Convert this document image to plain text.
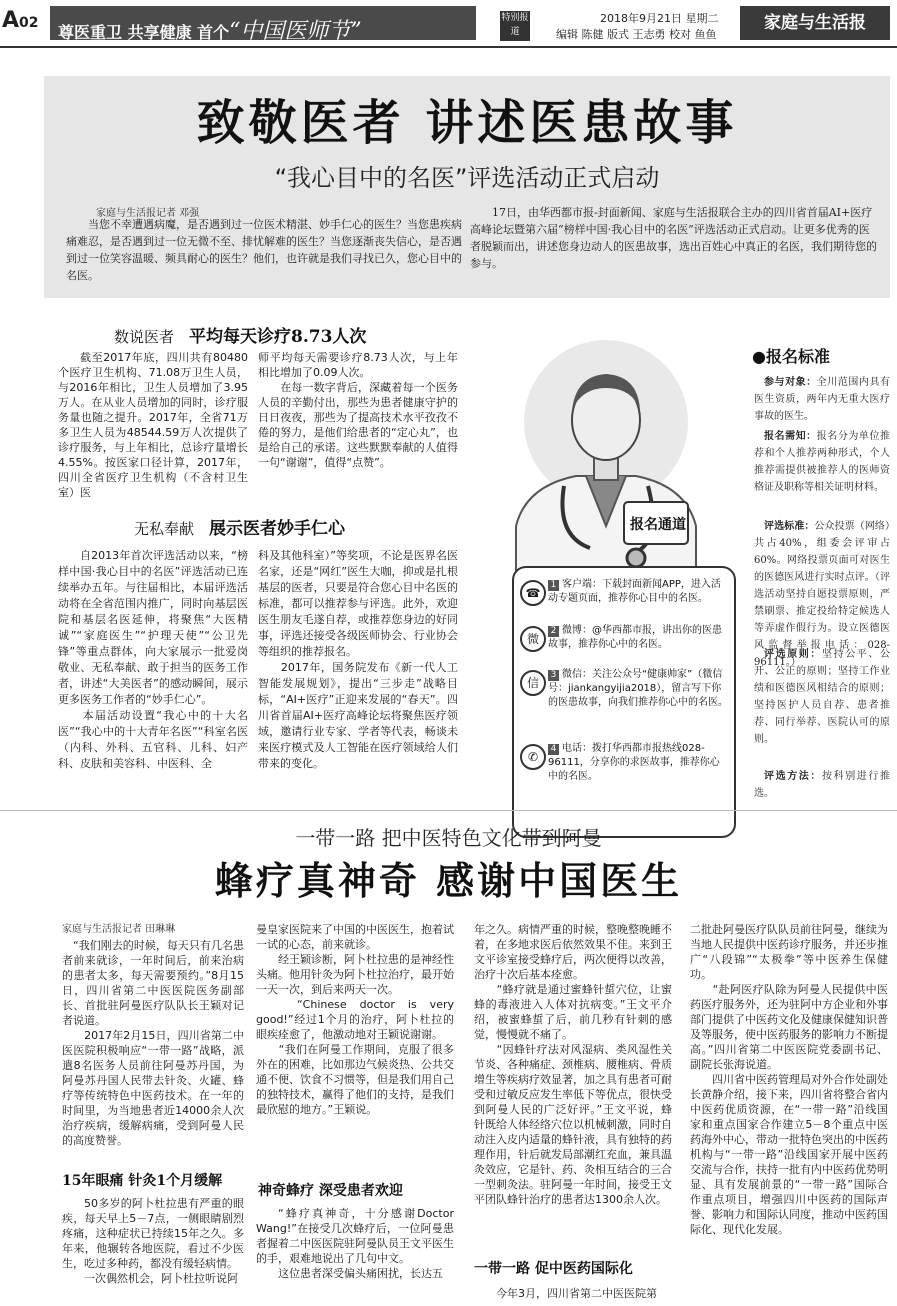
A02 尊医重卫 共享健康 首个“中国医师节”
特别报道
2018年9月21日 星期二
编辑 陈健 版式 王志勇 校对 鱼鱼
家庭与生活报
致敬医者 讲述医患故事
“我心目中的名医”评选活动正式启动
家庭与生活报记者 邓强

当您不幸遭遇病魔，是否遇到过一位医术精湛、妙手仁心的医生？当您患疾病痛难忍，是否遇到过一位无微不至、排忧解难的医生？当您逐渐丧失信心，是否遇到过一位笑容温暖、频具耐心的医生？他们，也许就是我们寻找已久，您心目中的名医。

17日，由华西都市报-封面新闻、家庭与生活报联合主办的四川省首届AI+医疗高峰论坛暨第六届“榜样中国·我心目中的名医”评选活动正式启动。让更多优秀的医者脱颖而出，讲述您身边动人的医患故事，选出百姓心中真正的名医，我们期待您的参与。

数说医者　 平均每天诊疗8.73人次

截至2017年底，四川共有80480个医疗卫生机构、71.08万卫生人员，与2016年相比，卫生人员增加了3.95万人。在从业人员增加的同时，诊疗服务量也随之提升。2017年，全省71万多卫生人员为48544.59万人次提供了诊疗服务，与上年相比，总诊疗量增长4.55%。按医家口径计算，2017年，四川全省医疗卫生机构（不含村卫生室）医

师平均每天需要诊疗8.73人次，与上年相比增加了0.09人次。
　　在每一数字背后，深藏着每一个医务人员的辛勤付出，那些为患者健康守护的日日夜夜，那些为了提高技术水平孜孜不倦的努力，是他们给患者的“定心丸”，也是给自己的承诺。这些默默奉献的人值得一句“谢谢”，值得“点赞”。

无私奉献　 展示医者妙手仁心

自2013年首次评选活动以来，“榜样中国·我心目中的名医”评选活动已连续举办五年。与往届相比，本届评选活动将在全省范围内推广，同时向基层医院和基层名医延伸，将聚焦“大医精诚”“家庭医生”“护理天使”“公卫先锋”等重点群体，向大家展示一批爱岗敬业、无私奉献、敢于担当的医务工作者，讲述“大美医者”的感动瞬间，展示更多医务工作者的“妙手仁心”。
　　本届活动设置“我心中的十大名医”“我心中的十大青年名医”“科室名医（内科、外科、五官科、儿科、妇产科、皮肤和美容科、中医科、全

科及其他科室）”等奖项，不论是医界名医名家，还是“网红”医生大咖，抑或是扎根基层的医者，只要是符合您心目中名医的标准，都可以推荐参与评选。此外，欢迎医生朋友毛遂自荐，或推荐您身边的好同事，评选还接受各级医师协会、行业协会等组织的推荐报名。
　　2017年，国务院发布《新一代人工智能发展规划》，提出“三步走”战略目标，“AI+医疗”正迎来发展的“春天”。四川省首届AI+医疗高峰论坛将聚焦医疗领域，邀请行业专家、学者等代表，畅谈未来医疗模式及人工智能在医疗领域给人们带来的变化。

报名通道
☎
1 客户端：下载封面新闻APP，进入活动专题页面，推荐你心目中的名医。
微
2 微博：@华西都市报，讲出你的医患故事，推荐你心中的名医。
信
3 微信：关注公众号“健康帅家”（微信号：jiankangyijia2018），留言写下你的医患故事，向我们推荐你心中的名医。
✆
4 电话：拨打华西都市报热线028-96111，分享你的求医故事，推荐你心中的名医。
●报名标准

参与对象：全川范围内具有医生资质，两年内无重大医疗事故的医生。

报名需知：报名分为单位推荐和个人推荐两种形式，个人推荐需提供被推荐人的医师资格证及职称等相关证明材料。

评选标准：公众投票（网络）共占40%，组委会评审占60%。网络投票页面可对医生的医德医风进行实时点评。（评选活动坚持自愿投票原则，严禁刷票、推定投给特定候选人等弄虚作假行为。设立医德医风监督举报电话：028-96111。）

评选原则：坚持公平、公开、公正的原则；坚持工作业绩和医德医风相结合的原则；坚持医护人员自荐、患者推荐、同行举荐、医院认可的原则。

评选方法：按科别进行推选。

一带一路 把中医特色文化带到阿曼
蜂疗真神奇 感谢中国医生
家庭与生活报记者 田琳琳

“我们刚去的时候，每天只有几名患者前来就诊，一年时间后，前来治病的患者太多，每天需要预约。”8月15日，四川省第二中医医院医务副部长、首批驻阿曼医疗队队长王颖对记者说道。
　　2017年2月15日，四川省第二中医医院积极响应“一带一路”战略，派遣8名医务人员前往阿曼苏丹国，为阿曼苏丹国人民带去针灸、火罐、蜂疗等传统特色中医药技术。在一年的时间里，为当地患者近14000余人次治疗疾病，缓解病痛，受到阿曼人民的高度赞誉。

15年眼痛 针灸1个月缓解

50多岁的阿卜杜拉患有严重的眼疾，每天早上5－7点，一侧眼睛剧烈疼痛，这种症状已持续15年之久。多年来，他辗转各地医院，看过不少医生，吃过多种药，都没有缓轻病情。
　　一次偶然机会，阿卜杜拉听说阿

曼皇家医院来了中国的中医医生，抱着试一试的心态，前来就诊。
　　经王颖诊断，阿卜杜拉患的是神经性头痛。他用针灸为阿卜杜拉治疗，最开始一天一次，到后来两天一次。
　　“Chinese doctor is very good!”经过1个月的治疗，阿卜杜拉的眼疾痊愈了，他激动地对王颖说谢谢。
　　“我们在阿曼工作期间，克服了很多外在的困难，比如那边气候炎热、公共交通不便、饮食不习惯等，但是我们用自己的独特技术，赢得了他们的支持，是我们最欣慰的地方。”王颖说。

神奇蜂疗 深受患者欢迎

“蜂疗真神奇，十分感谢Doctor Wang!”在接受几次蜂疗后，一位阿曼患者握着二中医医院驻阿曼队员王文平医生的手，艰难地说出了几句中文。
　　这位患者深受偏头痛困扰，长达五

年之久。病情严重的时候，整晚整晚睡不着，在多地求医后依然效果不佳。来到王文平诊室接受蜂疗后，两次便得以改善，治疗十次后基本痊愈。
　　“蜂疗就是通过蜜蜂针蜇穴位，让蜜蜂的毒液进入人体对抗病变。”王文平介绍，被蜜蜂蜇了后，前几秒有针刺的感觉，慢慢就不痛了。
　　“因蜂针疗法对风湿病、类风湿性关节炎、各种痛症、颈椎病、腰椎病、骨质增生等疾病疗效显著，加之具有患者可耐受和过敏反应发生率低下等优点，很快受到阿曼人民的广泛好评。”王文平说，蜂针既给人体经络穴位以机械刺激，同时自动注入皮内适量的蜂针液，具有独特的药理作用，针后就发局部潮红充血，兼具温灸效应，它是针、药、灸相互结合的三合一型刺灸法。驻阿曼一年时间，接受王文平团队蜂针治疗的患者达1300余人次。

一带一路 促中医药国际化

今年3月，四川省第二中医医院第

二批赴阿曼医疗队队员前往阿曼，继续为当地人民提供中医药诊疗服务，并还步推广“八段锦”“太极拳”等中医养生保健功。
　　“赴阿医疗队除为阿曼人民提供中医药医疗服务外，还为驻阿中方企业和外事部门提供了中医药文化及健康保健知识普及等服务，使中医药服务的影响力不断提高。”四川省第二中医医院党委副书记、副院长张海说道。
　　四川省中医药管理局对外合作处副处长黄静介绍，接下来，四川省将整合省内中医药优质资源，在“一带一路”沿线国家和重点国家合作建立5－8个重点中医药海外中心，带动一批特色突出的中医药机构与“一带一路”沿线国家开展中医药交流与合作，扶持一批有内中医药优势明显、具有发展前景的“一带一路”国际合作重点项目，增强四川中医药的国际声誉、影响力和国际认同度，推动中医药国际化、现代化发展。
